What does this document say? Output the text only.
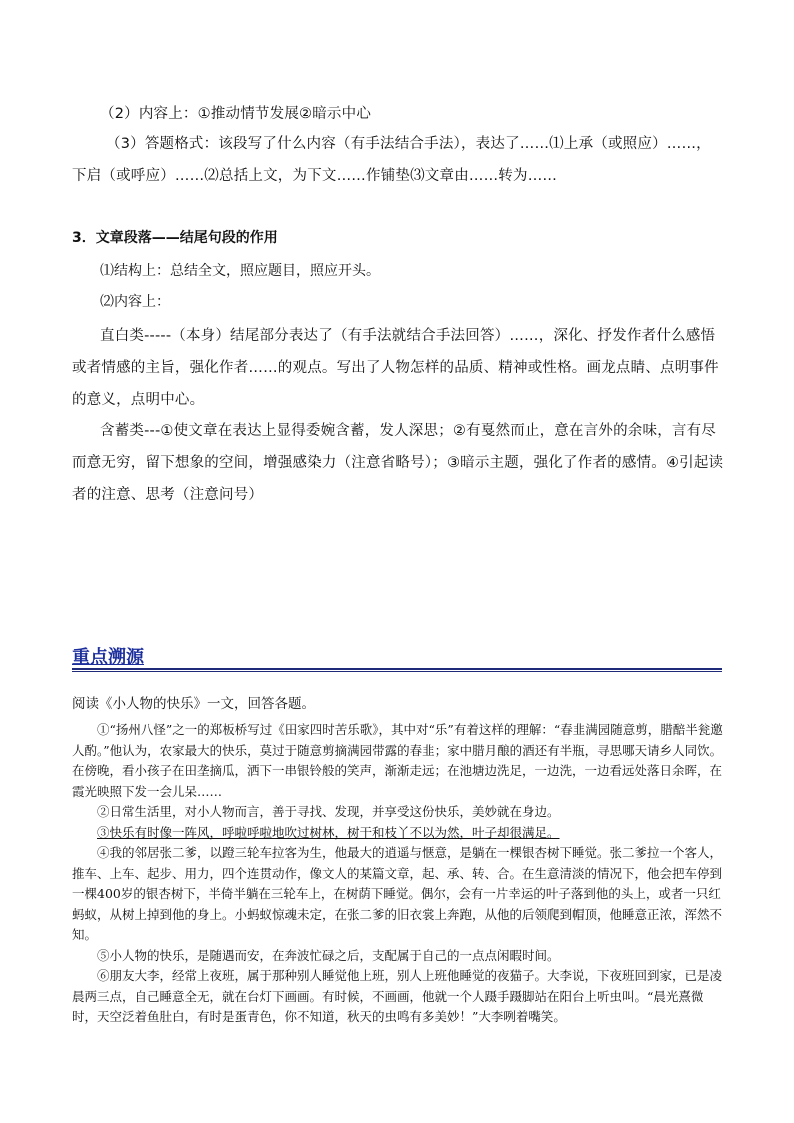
（2）内容上：①推动情节发展②暗示中心

（3）答题格式：该段写了什么内容（有手法结合手法），表达了……⑴上承（或照应）……，下启（或呼应）……⑵总括上文，为下文……作铺垫⑶文章由……转为……

3．文章段落——结尾句段的作用

⑴结构上：总结全文，照应题目，照应开头。

⑵内容上：

直白类-----（本身）结尾部分表达了（有手法就结合手法回答）……，深化、抒发作者什么感悟或者情感的主旨，强化作者……的观点。写出了人物怎样的品质、精神或性格。画龙点睛、点明事件的意义，点明中心。

含蓄类---①使文章在表达上显得委婉含蓄，发人深思；②有戛然而止，意在言外的余味，言有尽而意无穷，留下想象的空间，增强感染力（注意省略号）；③暗示主题，强化了作者的感情。④引起读者的注意、思考（注意问号）

重点溯源

阅读《小人物的快乐》一文，回答各题。

①“扬州八怪”之一的郑板桥写过《田家四时苦乐歌》，其中对“乐”有着这样的理解：“春韭满园随意剪，腊醅半瓮邀人酌。”他认为，农家最大的快乐，莫过于随意剪摘满园带露的春韭；家中腊月酿的酒还有半瓶，寻思哪天请乡人同饮。在傍晚，看小孩子在田垄摘瓜，洒下一串银铃般的笑声，渐渐走远；在池塘边洗足，一边洗，一边看远处落日余晖，在霞光映照下发一会儿呆……

②日常生活里，对小人物而言，善于寻找、发现，并享受这份快乐，美妙就在身边。

③快乐有时像一阵风，呼啦呼啦地吹过树林，树干和枝丫不以为然，叶子却很满足。

④我的邻居张二爹，以蹬三轮车拉客为生，他最大的逍遥与惬意，是躺在一棵银杏树下睡觉。张二爹拉一个客人，推车、上车、起步、用力，四个连贯动作，像文人的某篇文章，起、承、转、合。在生意清淡的情况下，他会把车停到一棵400岁的银杏树下，半倚半躺在三轮车上，在树荫下睡觉。偶尔，会有一片幸运的叶子落到他的头上，或者一只红蚂蚁，从树上掉到他的身上。小蚂蚁惊魂未定，在张二爹的旧衣裳上奔跑，从他的后领爬到帽顶，他睡意正浓，浑然不知。

⑤小人物的快乐，是随遇而安，在奔波忙碌之后，支配属于自己的一点点闲暇时间。

⑥朋友大李，经常上夜班，属于那种别人睡觉他上班，别人上班他睡觉的夜猫子。大李说，下夜班回到家，已是凌晨两三点，自己睡意全无，就在台灯下画画。有时候，不画画，他就一个人蹑手蹑脚站在阳台上听虫叫。“晨光熹微时，天空泛着鱼肚白，有时是蛋青色，你不知道，秋天的虫鸣有多美妙！”大李咧着嘴笑。
